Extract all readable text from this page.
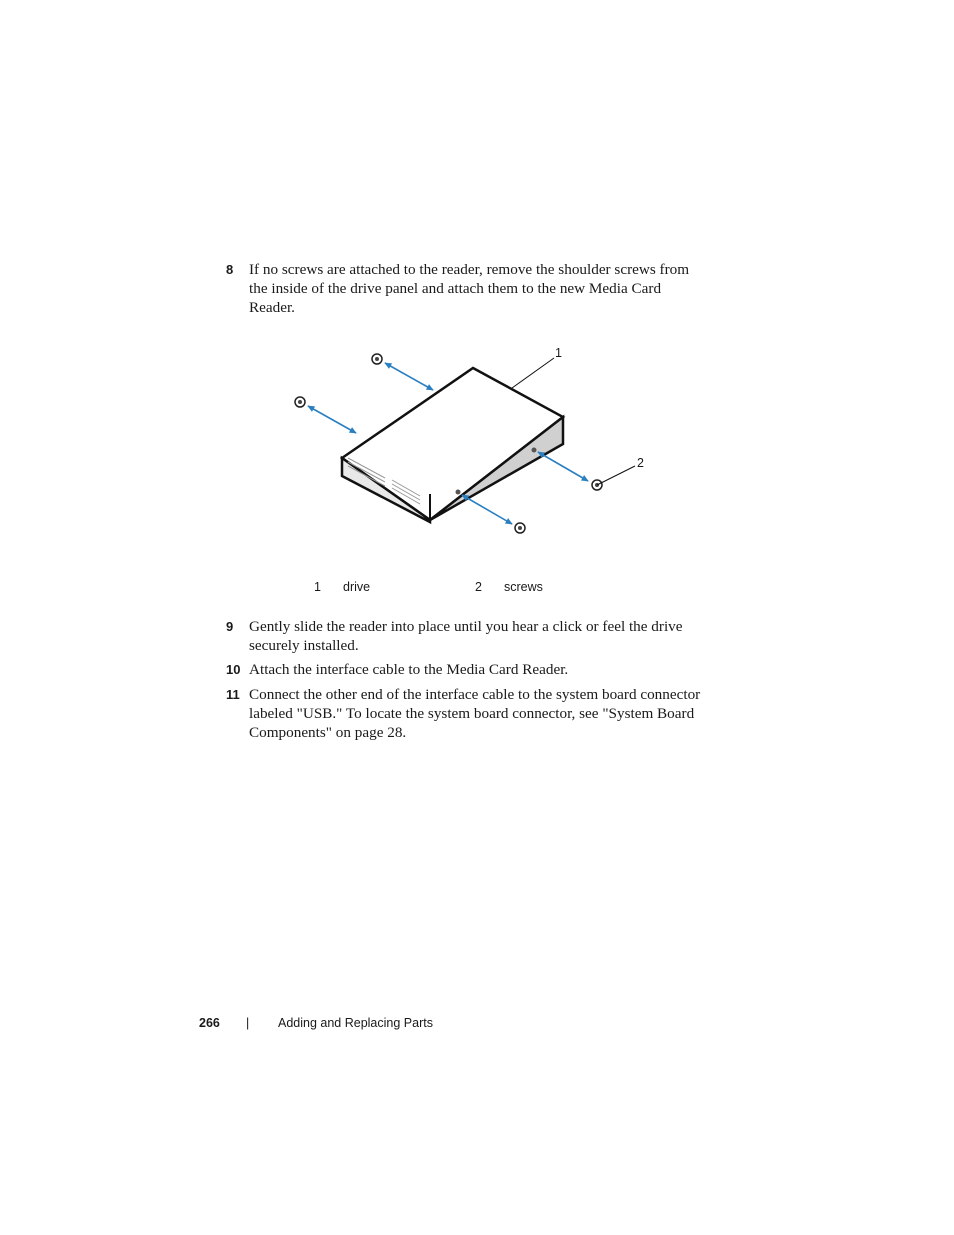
8	If no screws are attached to the reader, remove the shoulder screws from the inside of the drive panel and attach them to the new Media Card Reader.
1
2
1 drive	2 screws
9	Gently slide the reader into place until you hear a click or feel the drive securely installed.
10 Attach the interface cable to the Media Card Reader.
11 Connect the other end of the interface cable to the system board connector labeled "USB." To locate the system board connector, see "System Board Components" on page 28.
266 | Adding and Replacing Parts
